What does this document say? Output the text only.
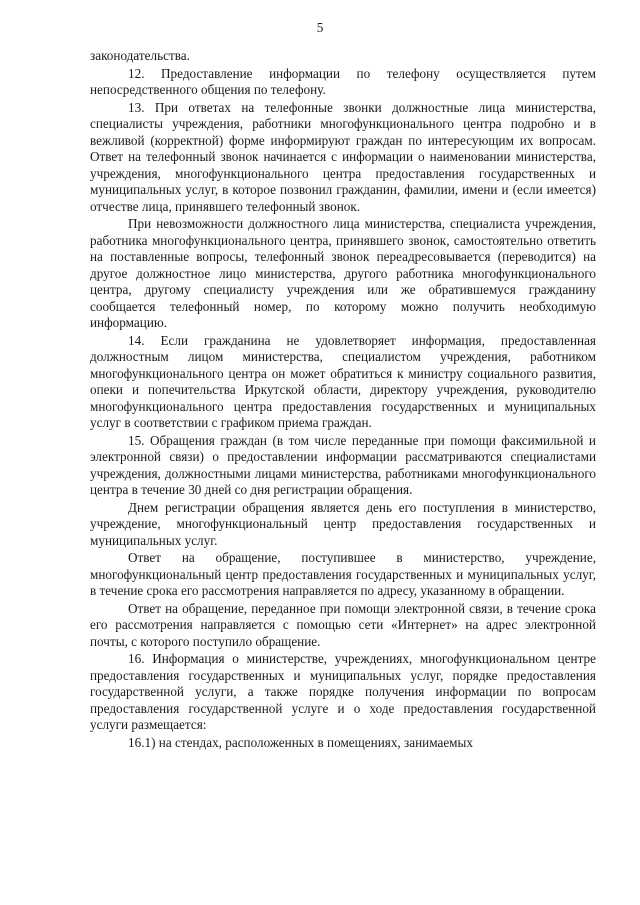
5

законодательства.

12. Предоставление информации по телефону осуществляется путем непосредственного общения по телефону.

13. При ответах на телефонные звонки должностные лица министерства, специалисты учреждения, работники многофункционального центра подробно и в вежливой (корректной) форме информируют граждан по интересующим их вопросам. Ответ на телефонный звонок начинается с информации о наименовании министерства, учреждения, многофункционального центра предоставления государственных и муниципальных услуг, в которое позвонил гражданин, фамилии, имени и (если имеется) отчестве лица, принявшего телефонный звонок.

При невозможности должностного лица министерства, специалиста учреждения, работника многофункционального центра, принявшего звонок, самостоятельно ответить на поставленные вопросы, телефонный звонок переадресовывается (переводится) на другое должностное лицо министерства, другого работника многофункционального центра, другому специалисту учреждения или же обратившемуся гражданину сообщается телефонный номер, по которому можно получить необходимую информацию.

14. Если гражданина не удовлетворяет информация, предоставленная должностным лицом министерства, специалистом учреждения, работником многофункционального центра он может обратиться к министру социального развития, опеки и попечительства Иркутской области, директору учреждения, руководителю многофункционального центра предоставления государственных и муниципальных услуг в соответствии с графиком приема граждан.

15. Обращения граждан (в том числе переданные при помощи факсимильной и электронной связи) о предоставлении информации рассматриваются специалистами учреждения, должностными лицами министерства, работниками многофункционального центра в течение 30 дней со дня регистрации обращения.

Днем регистрации обращения является день его поступления в министерство, учреждение, многофункциональный центр предоставления государственных и муниципальных услуг.

Ответ на обращение, поступившее в министерство, учреждение, многофункциональный центр предоставления государственных и муниципальных услуг, в течение срока его рассмотрения направляется по адресу, указанному в обращении.

Ответ на обращение, переданное при помощи электронной связи, в течение срока его рассмотрения направляется с помощью сети «Интернет» на адрес электронной почты, с которого поступило обращение.

16. Информация о министерстве, учреждениях, многофункциональном центре предоставления государственных и муниципальных услуг, порядке предоставления государственной услуги, а также порядке получения информации по вопросам предоставления государственной услуге и о ходе предоставления государственной услуги размещается:

16.1) на стендах, расположенных в помещениях, занимаемых
